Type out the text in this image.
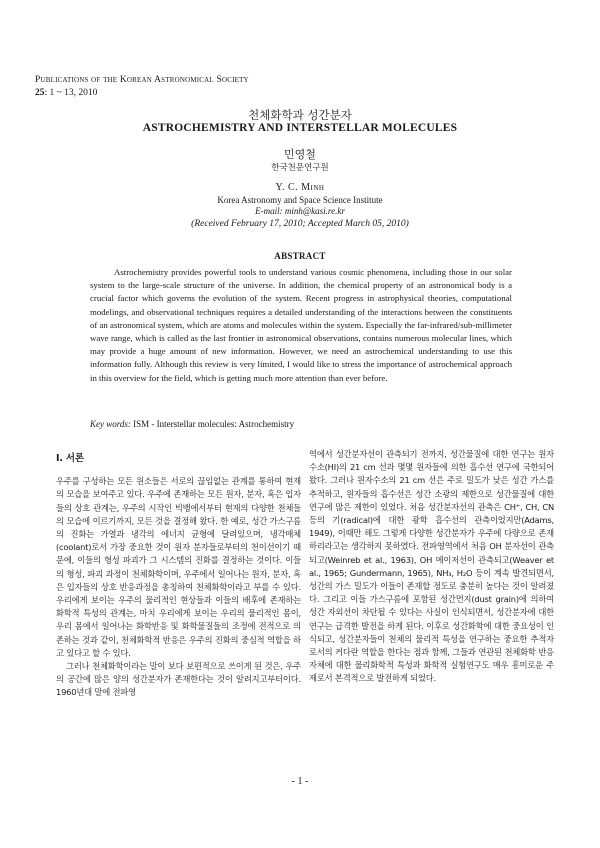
Publications of the Korean Astronomical Society
25: 1 ~ 13, 2010
천체화학과 성간분자
ASTROCHEMISTRY AND INTERSTELLAR MOLECULES
민영철
한국천문연구원
Y. C. Minh
Korea Astronomy and Space Science Institute
E-mail: minh@kasi.re.kr
(Received February 17, 2010; Accepted March 05, 2010)
ABSTRACT

Astrochemistry provides powerful tools to understand various cosmic phenomena, including those in our solar system to the large-scale structure of the universe. In addition, the chemical property of an astronomical body is a crucial factor which governs the evolution of the system. Recent progress in astrophysical theories, computational modelings, and observational techniques requires a detailed understanding of the interactions between the constituents of an astronomical system, which are atoms and molecules within the system. Especially the far-infrared/sub-millimeter wave range, which is called as the last frontier in astronomical observations, contains numerous molecular lines, which may provide a huge amount of new information. However, we need an astrochemical understanding to use this information fully. Although this review is very limited, I would like to stress the importance of astrochemical approach in this overview for the field, which is getting much more attention than ever before.

Key words: ISM - Interstellar molecules: Astrochemistry

I. 서론

우주를 구성하는 모든 원소들은 서로의 끊임없는 관계를 통하여 현재의 모습을 보여주고 있다. 우주에 존재하는 모든 원자, 분자, 혹은 입자들의 상호 관계는, 우주의 시작인 빅뱅에서부터 현재의 다양한 천체들의 모습에 이르기까지, 모든 것을 결정해 왔다. 한 예로, 성간 가스구름의 진화는 가열과 냉각의 에너지 균형에 달려있으며, 냉각매체(coolant)로서 가장 중요한 것이 원자 분자들로부터의 천이선이기 때문에, 이들의 형성 파괴가 그 시스템의 진화를 결정하는 것이다. 이들의 형성, 파괴 과정이 천체화학이며, 우주에서 일어나는 원자, 분자, 혹은 입자들의 상호 반응과정을 총칭하여 천체화학이라고 부를 수 있다. 우리에게 보이는 우주의 물리적인 현상들과 이들의 배후에 존재하는 화학적 특성의 관계는, 마치 우리에게 보이는 우리의 물리적인 몸이, 우리 몸에서 일어나는 화학반응 및 화학물질들의 조정에 전적으로 의존하는 것과 같이, 천체화학적 반응은 우주의 진화의 중심적 역할을 하고 있다고 할 수 있다.

그러나 천체화학이라는 말이 보다 보편적으로 쓰이게 된 것은, 우주의 공간에 많은 양의 성간분자가 존재한다는 것이 알려지고부터이다. 1960년대 말에 전파영

역에서 성간분자선이 관측되기 전까지, 성간물질에 대한 연구는 원자수소(HI)의 21 cm 선과 몇몇 원자들에 의한 흡수선 연구에 국한되어 왔다. 그러나 원자수소의 21 cm 선은 주로 밀도가 낮은 성간 가스를 추적하고, 원자들의 흡수선은 성간 소광의 제한으로 성간물질에 대한 연구에 많은 제한이 있었다. 처음 성간분자선의 관측은 CH⁺, CH, CN 등의 기(radical)에 대한 광학 흡수선의 관측이었지만(Adams, 1949), 이때만 해도 그렇게 다양한 성간분자가 우주에 다량으로 존재하리라고는 생각하지 못하였다. 전파영역에서 처음 OH 분자선이 관측되고(Weinreb et al., 1963), OH 메이저선이 관측되고(Weaver et al., 1965; Gundermann, 1965), NH₃, H₂O 등이 계속 발견되면서, 성간의 가스 밀도가 이들이 존재할 정도로 충분히 높다는 것이 알려졌다. 그리고 이들 가스구름에 포함된 성간먼지(dust grain)에 의하여 성간 자외선이 차단될 수 있다는 사실이 인식되면서, 성간분자에 대한 연구는 급격한 발전을 하게 된다. 이후로 성간화학에 대한 중요성이 인식되고, 성간분자들이 천체의 물리적 특성을 연구하는 중요한 추적자로서의 커다란 역할을 한다는 점과 함께, 그들과 연관된 천체화학 반응 자체에 대한 물리화학적 특성과 화학적 실험연구도 매우 흥미로운 주제로서 본격적으로 발전하게 되었다.

- 1 -
